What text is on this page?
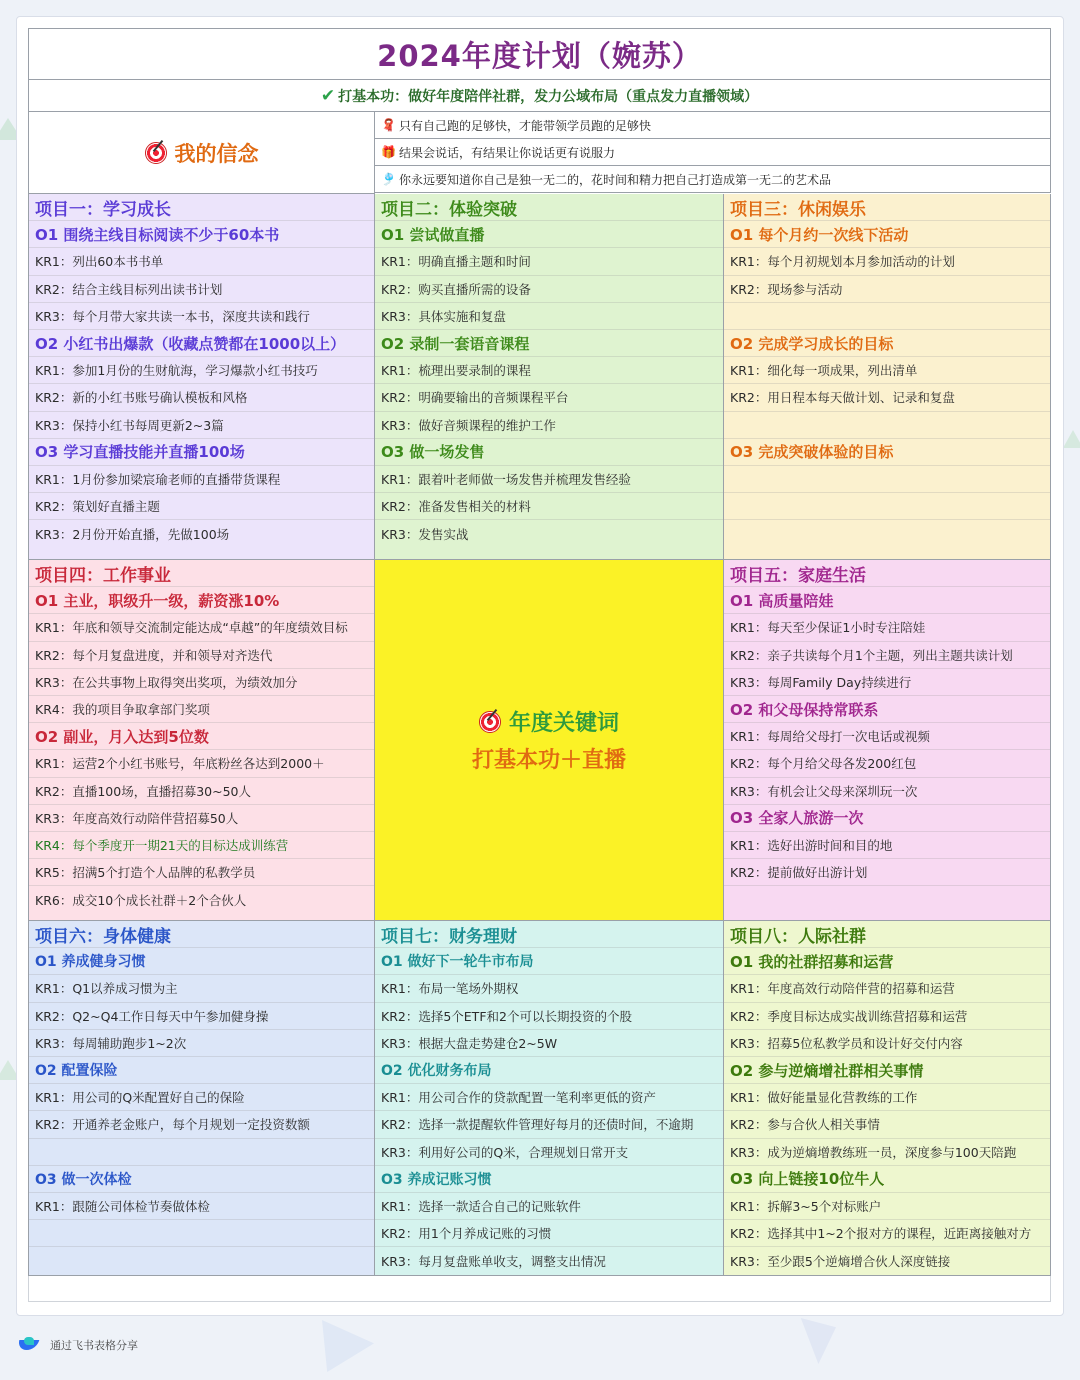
2024年度计划（婉苏）
✔ 打基本功：做好年度陪伴社群，发力公域布局（重点发力直播领域）
我的信念
🧣 只有自己跑的足够快，才能带领学员跑的足够快
🎁 结果会说话，有结果让你说话更有说服力
🎐 你永远要知道你自己是独一无二的，花时间和精力把自己打造成第一无二的艺术品
项目一：学习成长
O1 围绕主线目标阅读不少于60本书
KR1：列出60本书书单
KR2：结合主线目标列出读书计划
KR3：每个月带大家共读一本书，深度共读和践行
O2 小红书出爆款（收藏点赞都在1000以上）
KR1：参加1月份的生财航海，学习爆款小红书技巧
KR2：新的小红书账号确认模板和风格
KR3：保持小红书每周更新2~3篇
O3 学习直播技能并直播100场
KR1：1月份参加梁宸瑜老师的直播带货课程
KR2：策划好直播主题
KR3：2月份开始直播，先做100场
项目二：体验突破
O1 尝试做直播
KR1：明确直播主题和时间
KR2：购买直播所需的设备
KR3：具体实施和复盘
O2 录制一套语音课程
KR1：梳理出要录制的课程
KR2：明确要输出的音频课程平台
KR3：做好音频课程的维护工作
O3 做一场发售
KR1：跟着叶老师做一场发售并梳理发售经验
KR2：准备发售相关的材料
KR3：发售实战
项目三：休闲娱乐
O1 每个月约一次线下活动
KR1：每个月初规划本月参加活动的计划
KR2：现场参与活动
O2 完成学习成长的目标
KR1：细化每一项成果，列出清单
KR2：用日程本每天做计划、记录和复盘
O3 完成突破体验的目标
项目四：工作事业
O1 主业，职级升一级，薪资涨10%
KR1：年底和领导交流制定能达成“卓越”的年度绩效目标
KR2：每个月复盘进度，并和领导对齐迭代
KR3：在公共事物上取得突出奖项，为绩效加分
KR4：我的项目争取拿部门奖项
O2 副业，月入达到5位数
KR1：运营2个小红书账号，年底粉丝各达到2000＋
KR2：直播100场，直播招募30~50人
KR3：年度高效行动陪伴营招募50人
KR4：每个季度开一期21天的目标达成训练营
KR5：招满5个打造个人品牌的私教学员
KR6：成交10个成长社群＋2个合伙人
年度关键词
打基本功＋直播
项目五：家庭生活
O1 高质量陪娃
KR1：每天至少保证1小时专注陪娃
KR2：亲子共读每个月1个主题，列出主题共读计划
KR3：每周Family Day持续进行
O2 和父母保持常联系
KR1：每周给父母打一次电话或视频
KR2：每个月给父母各发200红包
KR3：有机会让父母来深圳玩一次
O3 全家人旅游一次
KR1：选好出游时间和目的地
KR2：提前做好出游计划
项目六：身体健康
O1 养成健身习惯
KR1：Q1以养成习惯为主
KR2：Q2~Q4工作日每天中午参加健身操
KR3：每周辅助跑步1~2次
O2 配置保险
KR1：用公司的Q米配置好自己的保险
KR2：开通养老金账户，每个月规划一定投资数额
O3 做一次体检
KR1：跟随公司体检节奏做体检
项目七：财务理财
O1 做好下一轮牛市布局
KR1：布局一笔场外期权
KR2：选择5个ETF和2个可以长期投资的个股
KR3：根据大盘走势建仓2~5W
O2 优化财务布局
KR1：用公司合作的贷款配置一笔利率更低的资产
KR2：选择一款提醒软件管理好每月的还债时间，不逾期
KR3：利用好公司的Q米，合理规划日常开支
O3 养成记账习惯
KR1：选择一款适合自己的记账软件
KR2：用1个月养成记账的习惯
KR3：每月复盘账单收支，调整支出情况
项目八：人际社群
O1 我的社群招募和运营
KR1：年度高效行动陪伴营的招募和运营
KR2：季度目标达成实战训练营招募和运营
KR3：招募5位私教学员和设计好交付内容
O2 参与逆熵增社群相关事情
KR1：做好能量显化营教练的工作
KR2：参与合伙人相关事情
KR3：成为逆熵增教练班一员，深度参与100天陪跑
O3 向上链接10位牛人
KR1：拆解3~5个对标账户
KR2：选择其中1~2个报对方的课程，近距离接触对方
KR3：至少跟5个逆熵增合伙人深度链接
通过飞书表格分享
